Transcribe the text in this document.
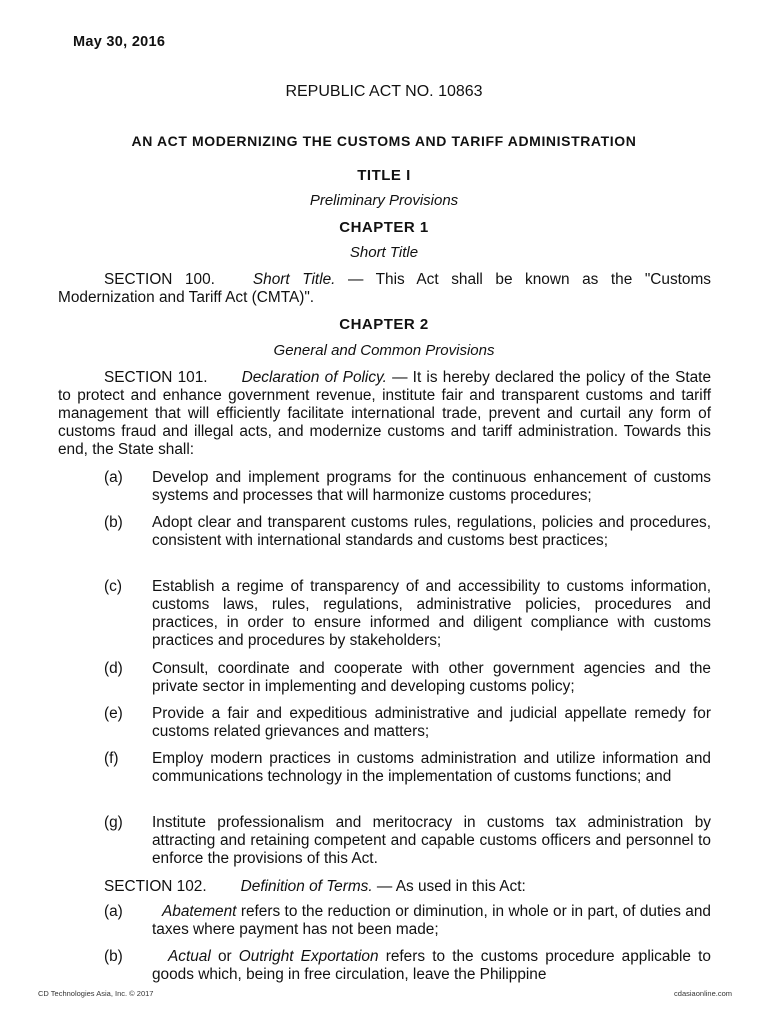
May 30, 2016
REPUBLIC ACT NO. 10863
AN ACT MODERNIZING THE CUSTOMS AND TARIFF ADMINISTRATION
TITLE I
Preliminary Provisions
CHAPTER 1
Short Title
SECTION 100. Short Title. — This Act shall be known as the "Customs Modernization and Tariff Act (CMTA)".
CHAPTER 2
General and Common Provisions
SECTION 101. Declaration of Policy. — It is hereby declared the policy of the State to protect and enhance government revenue, institute fair and transparent customs and tariff management that will efficiently facilitate international trade, prevent and curtail any form of customs fraud and illegal acts, and modernize customs and tariff administration. Towards this end, the State shall:
(a) Develop and implement programs for the continuous enhancement of customs systems and processes that will harmonize customs procedures;
(b) Adopt clear and transparent customs rules, regulations, policies and procedures, consistent with international standards and customs best practices;
(c) Establish a regime of transparency of and accessibility to customs information, customs laws, rules, regulations, administrative policies, procedures and practices, in order to ensure informed and diligent compliance with customs practices and procedures by stakeholders;
(d) Consult, coordinate and cooperate with other government agencies and the private sector in implementing and developing customs policy;
(e) Provide a fair and expeditious administrative and judicial appellate remedy for customs related grievances and matters;
(f) Employ modern practices in customs administration and utilize information and communications technology in the implementation of customs functions; and
(g) Institute professionalism and meritocracy in customs tax administration by attracting and retaining competent and capable customs officers and personnel to enforce the provisions of this Act.
SECTION 102. Definition of Terms. — As used in this Act:
(a)	Abatement refers to the reduction or diminution, in whole or in part, of duties and taxes where payment has not been made;
(b)	Actual or Outright Exportation refers to the customs procedure applicable to goods which, being in free circulation, leave the Philippine
CD Technologies Asia, Inc. © 2017	cdasiaonline.com
